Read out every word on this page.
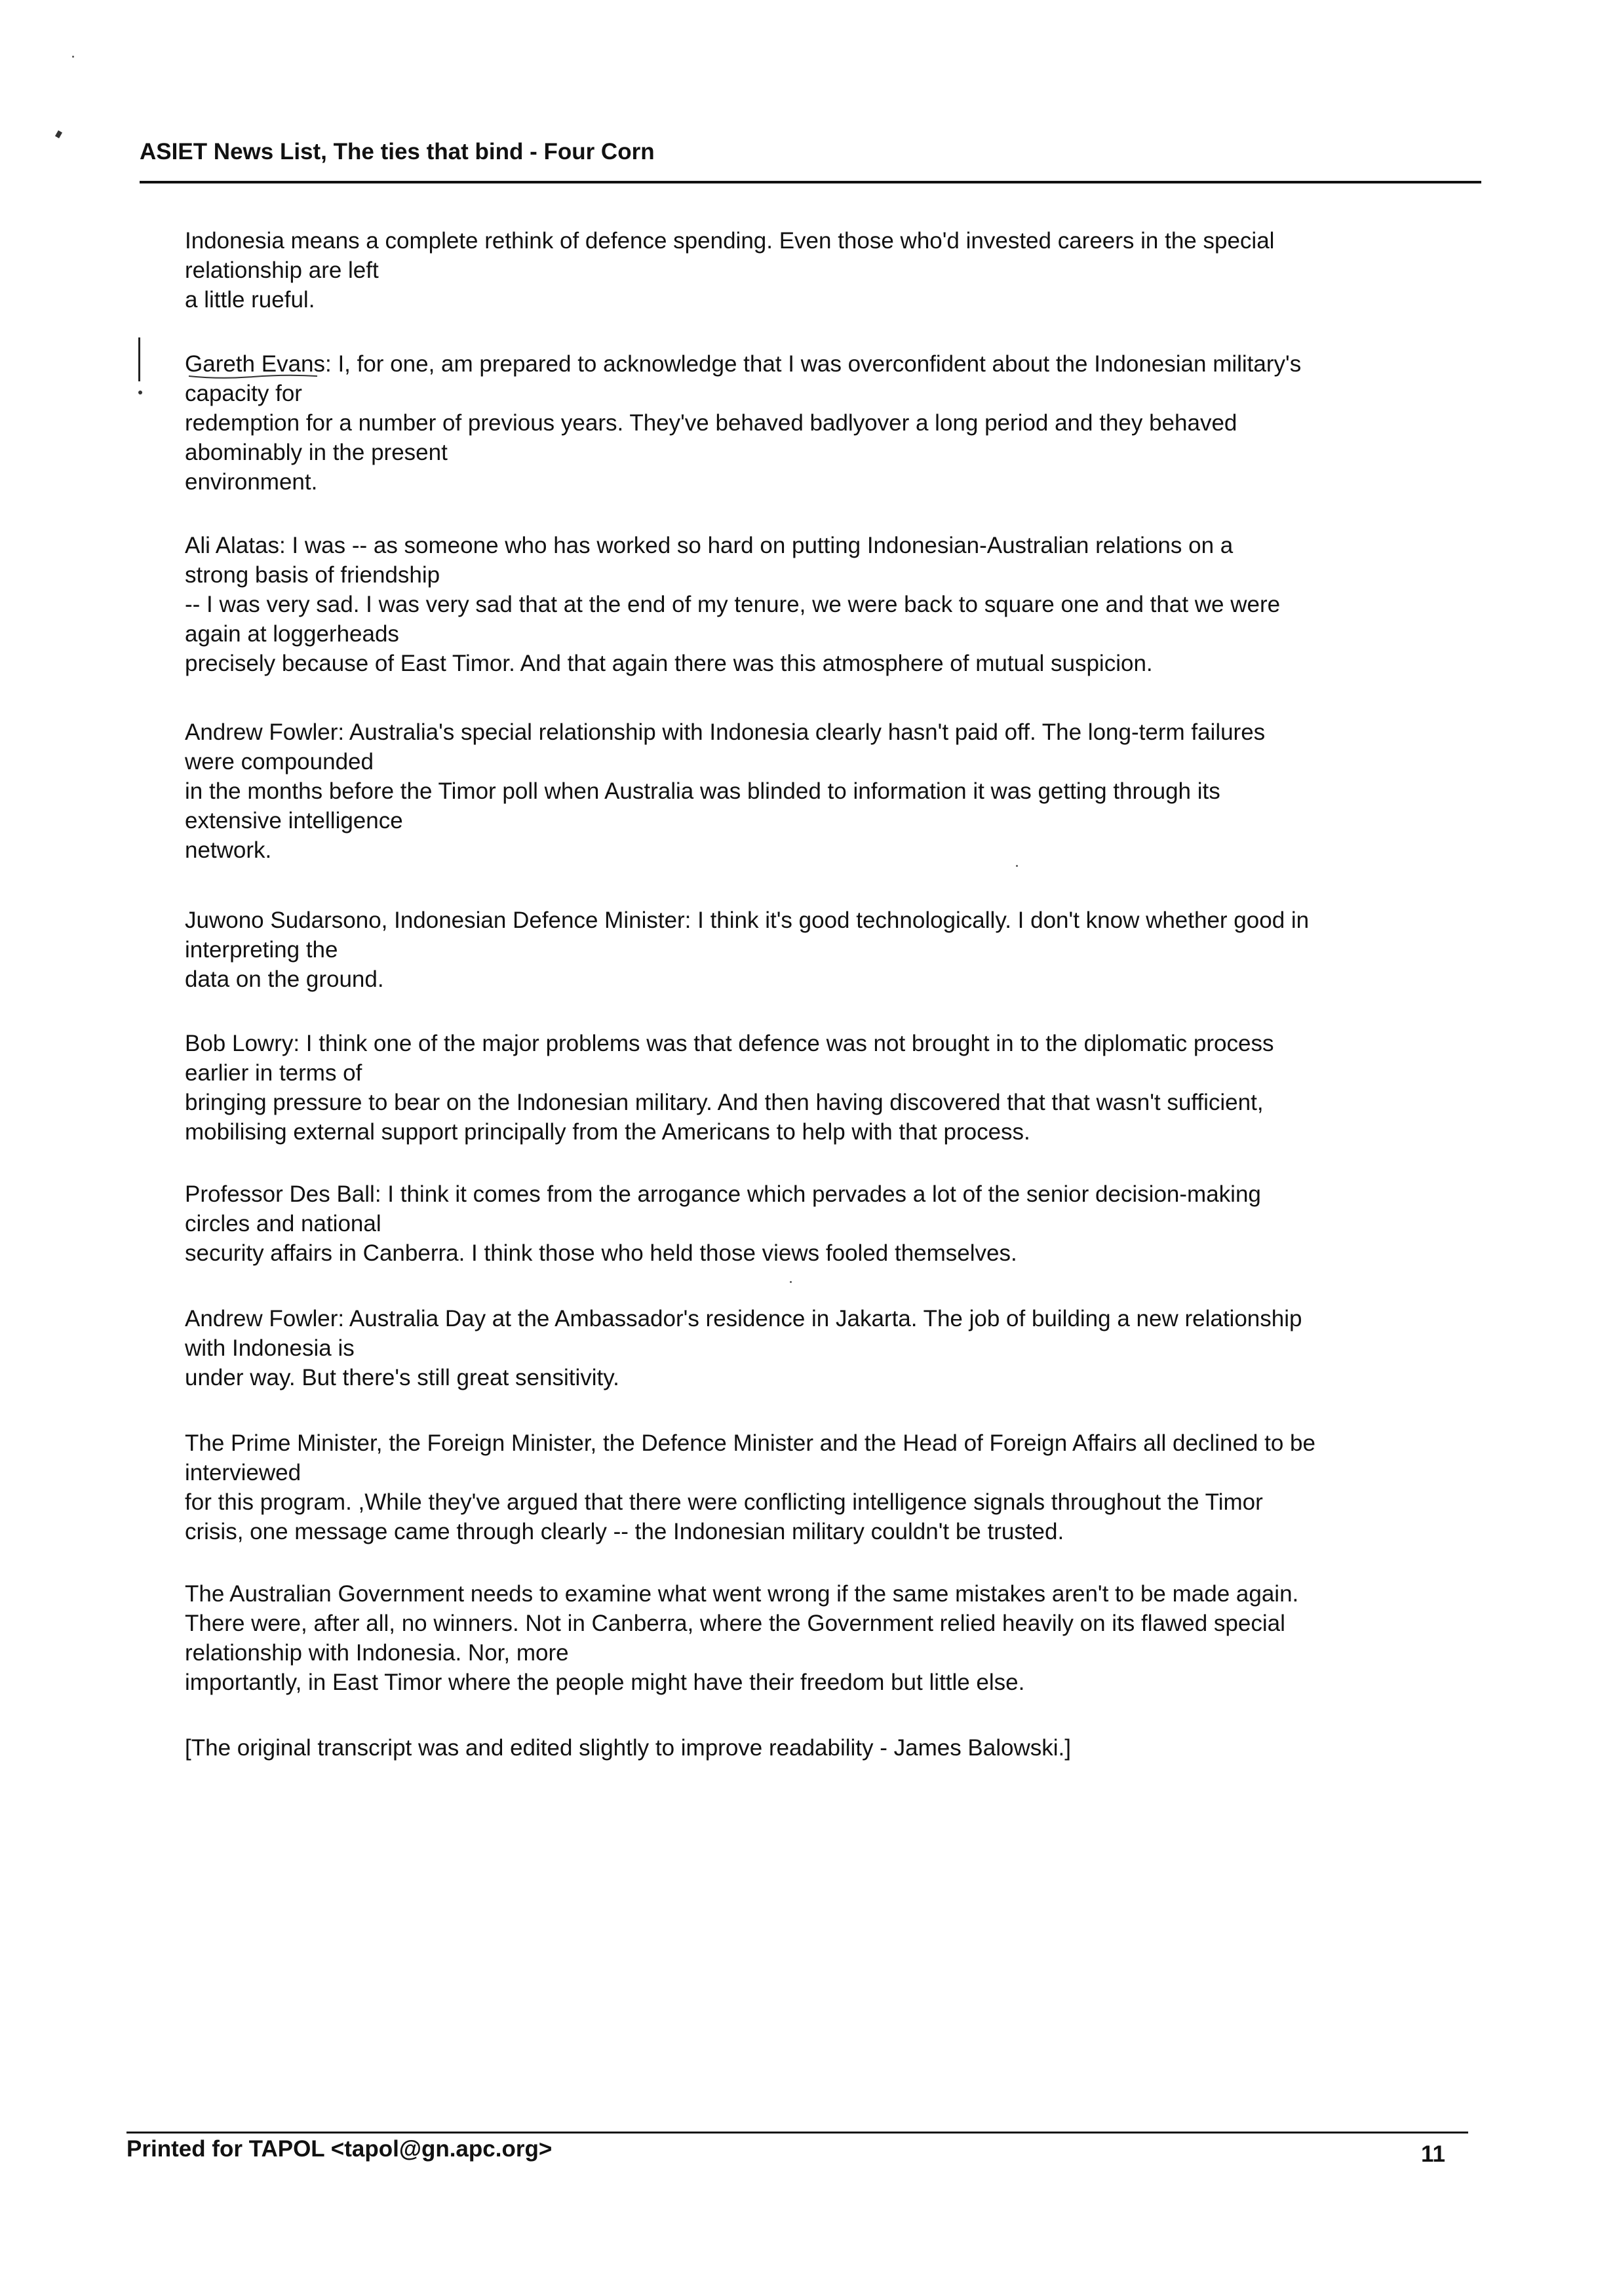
ASIET News List, The ties that bind - Four Corn

Indonesia means a complete rethink of defence spending. Even those who'd invested careers in the special
relationship are left
a little rueful.

Gareth Evans: I, for one, am prepared to acknowledge that I was overconfident about the Indonesian military's
capacity for
redemption for a number of previous years. They've behaved badlyover a long period and they behaved
abominably in the present
environment.

Ali Alatas: I was -- as someone who has worked so hard on putting Indonesian-Australian relations on a
strong basis of friendship
-- I was very sad. I was very sad that at the end of my tenure, we were back to square one and that we were
again at loggerheads
precisely because of East Timor. And that again there was this atmosphere of mutual suspicion.

Andrew Fowler: Australia's special relationship with Indonesia clearly hasn't paid off. The long-term failures
were compounded
in the months before the Timor poll when Australia was blinded to information it was getting through its
extensive intelligence
network.

Juwono Sudarsono, Indonesian Defence Minister: I think it's good technologically. I don't know whether good in
interpreting the
data on the ground.

Bob Lowry: I think one of the major problems was that defence was not brought in to the diplomatic process
earlier in terms of
bringing pressure to bear on the Indonesian military. And then having discovered that that wasn't sufficient,
mobilising external support principally from the Americans to help with that process.

Professor Des Ball: I think it comes from the arrogance which pervades a lot of the senior decision-making
circles and national
security affairs in Canberra. I think those who held those views fooled themselves.

Andrew Fowler: Australia Day at the Ambassador's residence in Jakarta. The job of building a new relationship
with Indonesia is
under way. But there's still great sensitivity.

The Prime Minister, the Foreign Minister, the Defence Minister and the Head of Foreign Affairs all declined to be
interviewed
for this program. ,While they've argued that there were conflicting intelligence signals throughout the Timor
crisis, one message came through clearly -- the Indonesian military couldn't be trusted.

The Australian Government needs to examine what went wrong if the same mistakes aren't to be made again.
There were, after all, no winners. Not in Canberra, where the Government relied heavily on its flawed special
relationship with Indonesia. Nor, more
importantly, in East Timor where the people might have their freedom but little else.

[The original transcript was and edited slightly to improve readability - James Balowski.]

Printed for TAPOL <tapol@gn.apc.org>	11
